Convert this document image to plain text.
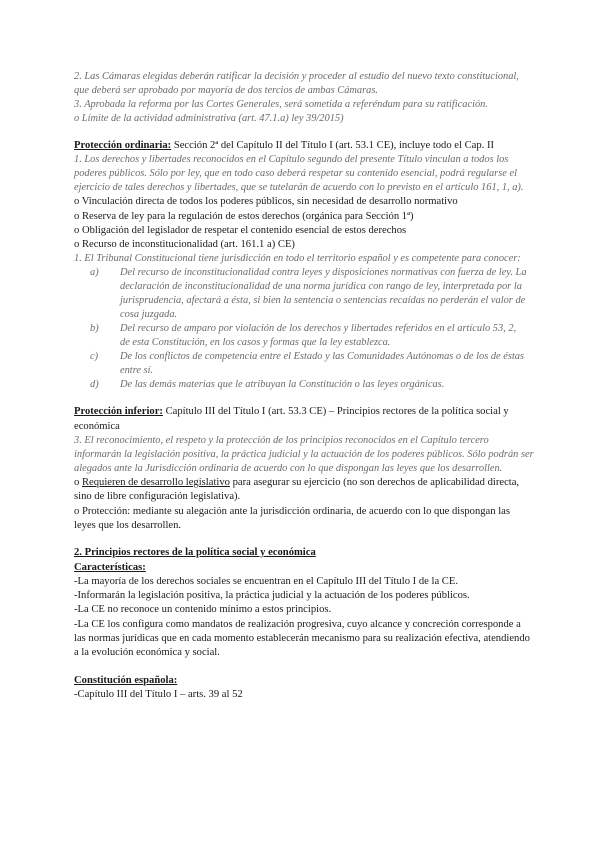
2. Las Cámaras elegidas deberán ratificar la decisión y proceder al estudio del nuevo texto constitucional, que deberá ser aprobado por mayoría de dos tercios de ambas Cámaras.

3. Aprobada la reforma por las Cortes Generales, será sometida a referéndum para su ratificación.

o Límite de la actividad administrativa (art. 47.1.a) ley 39/2015)

Protección ordinaria: Sección 2ª del Capítulo II del Título I (art. 53.1 CE), incluye todo el Cap. II

1. Los derechos y libertades reconocidos en el Capítulo segundo del presente Título vinculan a todos los poderes públicos. Sólo por ley, que en todo caso deberá respetar su contenido esencial, podrá regularse el ejercicio de tales derechos y libertades, que se tutelarán de acuerdo con lo previsto en el artículo 161, 1, a).

o Vinculación directa de todos los poderes públicos, sin necesidad de desarrollo normativo

o Reserva de ley para la regulación de estos derechos (orgánica para Sección 1ª)

o Obligación del legislador de respetar el contenido esencial de estos derechos

o Recurso de inconstitucionalidad (art. 161.1 a) CE)

1. El Tribunal Constitucional tiene jurisdicción en todo el territorio español y es competente para conocer:

a)	Del recurso de inconstitucionalidad contra leyes y disposiciones normativas con fuerza de ley. La declaración de inconstitucionalidad de una norma jurídica con rango de ley, interpretada por la jurisprudencia, afectará a ésta, si bien la sentencia o sentencias recaídas no perderán el valor de cosa juzgada.
b)	Del recurso de amparo por violación de los derechos y libertades referidos en el artículo 53, 2, de esta Constitución, en los casos y formas que la ley establezca.
c)	De los conflictos de competencia entre el Estado y las Comunidades Autónomas o de los de éstas entre sí.
d)	De las demás materias que le atribuyan la Constitución o las leyes orgánicas.

Protección inferior: Capítulo III del Título I (art. 53.3 CE) – Principios rectores de la política social y económica

3. El reconocimiento, el respeto y la protección de los principios reconocidos en el Capítulo tercero informarán la legislación positiva, la práctica judicial y la actuación de los poderes públicos. Sólo podrán ser alegados ante la Jurisdicción ordinaria de acuerdo con lo que dispongan las leyes que los desarrollen.

o Requieren de desarrollo legislativo para asegurar su ejercicio (no son derechos de aplicabilidad directa, sino de libre configuración legislativa).

o Protección: mediante su alegación ante la jurisdicción ordinaria, de acuerdo con lo que dispongan las leyes que los desarrollen.

2. Principios rectores de la política social y económica

Características:

-La mayoría de los derechos sociales se encuentran en el Capítulo III del Título I de la CE.

-Informarán la legislación positiva, la práctica judicial y la actuación de los poderes públicos.

-La CE no reconoce un contenido mínimo a estos principios.

-La CE los configura como mandatos de realización progresiva, cuyo alcance y concreción corresponde a las normas jurídicas que en cada momento establecerán mecanismo para su realización efectiva, atendiendo a la evolución económica y social.

Constitución española:

-Capítulo III del Título I – arts. 39 al 52
